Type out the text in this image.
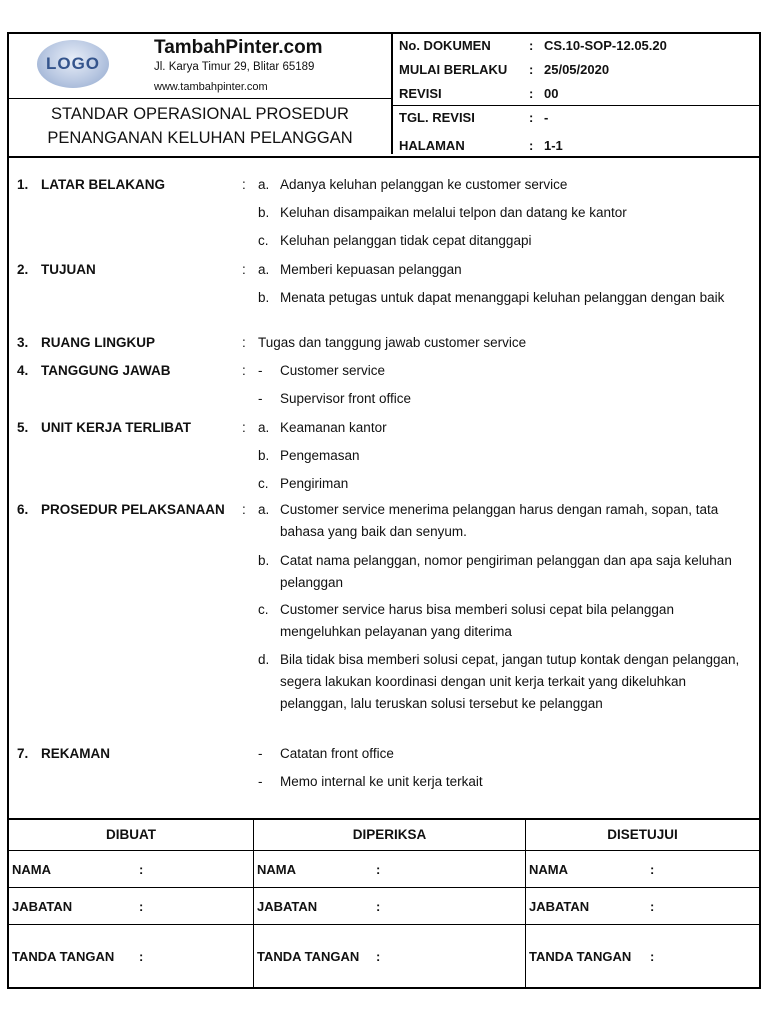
LOGO
TambahPinter.com
Jl. Karya Timur 29, Blitar 65189
www.tambahpinter.com
STANDAR OPERASIONAL PROSEDUR
PENANGANAN KELUHAN PELANGGAN
No. DOKUMEN	: CS.10-SOP-12.05.20
MULAI BERLAKU : 25/05/2020
REVISI	: 00
TGL. REVISI	: -
HALAMAN	: 1-1
1. LATAR BELAKANG	: a. Adanya keluhan pelanggan ke customer service
b. Keluhan disampaikan melalui telpon dan datang ke kantor
c. Keluhan pelanggan tidak cepat ditanggapi
2. TUJUAN	: a. Memberi kepuasan pelanggan
b. Menata petugas untuk dapat menanggapi keluhan pelanggan dengan baik
3. RUANG LINGKUP	: Tugas dan tanggung jawab customer service
4. TANGGUNG JAWAB	: - Customer service
- Supervisor front office
5. UNIT KERJA TERLIBAT	: a. Keamanan kantor
b. Pengemasan
c. Pengiriman
6. PROSEDUR PELAKSANAAN : a. Customer service menerima pelanggan harus dengan ramah, sopan, tata bahasa yang baik dan senyum.
b. Catat nama pelanggan, nomor pengiriman pelanggan dan apa saja keluhan pelanggan
c. Customer service harus bisa memberi solusi cepat bila pelanggan mengeluhkan pelayanan yang diterima
d. Bila tidak bisa memberi solusi cepat, jangan tutup kontak dengan pelanggan, segera lakukan koordinasi dengan unit kerja terkait yang dikeluhkan pelanggan, lalu teruskan solusi tersebut ke pelanggan
7. REKAMAN	- Catatan front office
- Memo internal ke unit kerja terkait
DIBUAT
NAMA	:
JABATAN	:
TANDA TANGAN :
DIPERIKSA
NAMA	:
JABATAN	:
TANDA TANGAN :
DISETUJUI
NAMA	:
JABATAN	:
TANDA TANGAN :
